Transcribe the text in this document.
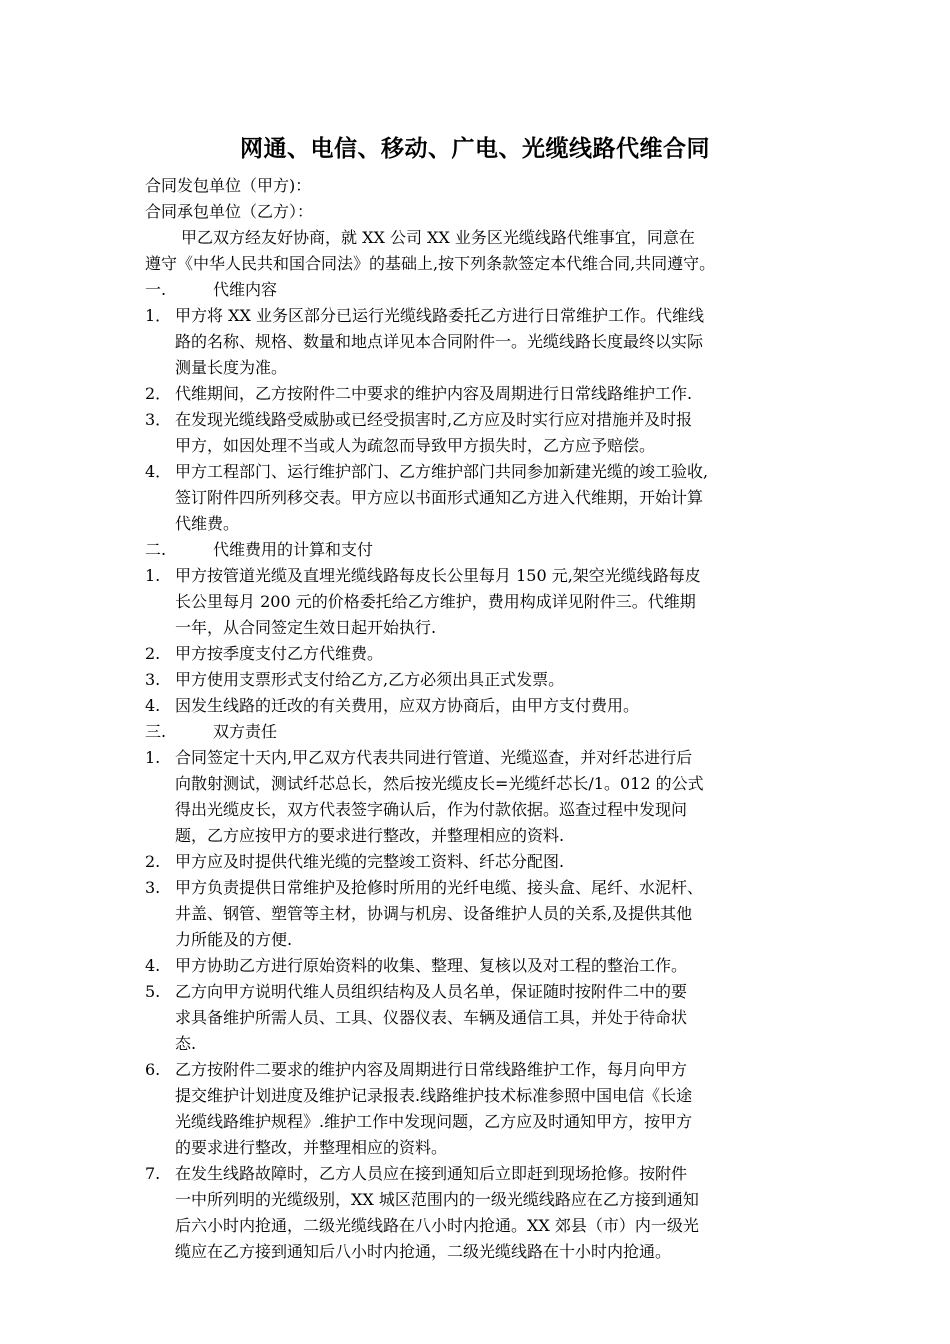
网通、电信、移动、广电、光缆线路代维合同
合同发包单位（甲方)：
合同承包单位（乙方）：
甲乙双方经友好协商，就 XX 公司 XX 业务区光缆线路代维事宜，同意在
遵守《中华人民共和国合同法》的基础上,按下列条款签定本代维合同,共同遵守。
一.	代维内容
1． 甲方将 XX 业务区部分已运行光缆线路委托乙方进行日常维护工作。代维线
路的名称、规格、数量和地点详见本合同附件一。光缆线路长度最终以实际
测量长度为准。
2． 代维期间，乙方按附件二中要求的维护内容及周期进行日常线路维护工作.
3． 在发现光缆线路受威胁或已经受损害时,乙方应及时实行应对措施并及时报
甲方，如因处理不当或人为疏忽而导致甲方损失时，乙方应予赔偿。
4． 甲方工程部门、运行维护部门、乙方维护部门共同参加新建光缆的竣工验收,
签订附件四所列移交表。甲方应以书面形式通知乙方进入代维期，开始计算
代维费。
二.	代维费用的计算和支付
1. 甲方按管道光缆及直埋光缆线路每皮长公里每月 150 元,架空光缆线路每皮
长公里每月 200 元的价格委托给乙方维护，费用构成详见附件三。代维期
一年，从合同签定生效日起开始执行.
2. 甲方按季度支付乙方代维费。
3. 甲方使用支票形式支付给乙方,乙方必须出具正式发票。
4. 因发生线路的迁改的有关费用，应双方协商后，由甲方支付费用。
三.	双方责任
1. 合同签定十天内,甲乙双方代表共同进行管道、光缆巡查，并对纤芯进行后
向散射测试，测试纤芯总长，然后按光缆皮长=光缆纤芯长/1。012 的公式
得出光缆皮长，双方代表签字确认后，作为付款依据。巡查过程中发现问
题，乙方应按甲方的要求进行整改，并整理相应的资料.
2. 甲方应及时提供代维光缆的完整竣工资料、纤芯分配图.
3. 甲方负责提供日常维护及抢修时所用的光纤电缆、接头盒、尾纤、水泥杆、
井盖、钢管、塑管等主材，协调与机房、设备维护人员的关系,及提供其他
力所能及的方便.
4. 甲方协助乙方进行原始资料的收集、整理、复核以及对工程的整治工作。
5. 乙方向甲方说明代维人员组织结构及人员名单，保证随时按附件二中的要
求具备维护所需人员、工具、仪器仪表、车辆及通信工具，并处于待命状
态.
6. 乙方按附件二要求的维护内容及周期进行日常线路维护工作，每月向甲方
提交维护计划进度及维护记录报表.线路维护技术标准参照中国电信《长途
光缆线路维护规程》.维护工作中发现问题，乙方应及时通知甲方，按甲方
的要求进行整改，并整理相应的资料。
7. 在发生线路故障时，乙方人员应在接到通知后立即赶到现场抢修。按附件
一中所列明的光缆级别，XX 城区范围内的一级光缆线路应在乙方接到通知
后六小时内抢通，二级光缆线路在八小时内抢通。XX 郊县（市）内一级光
缆应在乙方接到通知后八小时内抢通，二级光缆线路在十小时内抢通。
